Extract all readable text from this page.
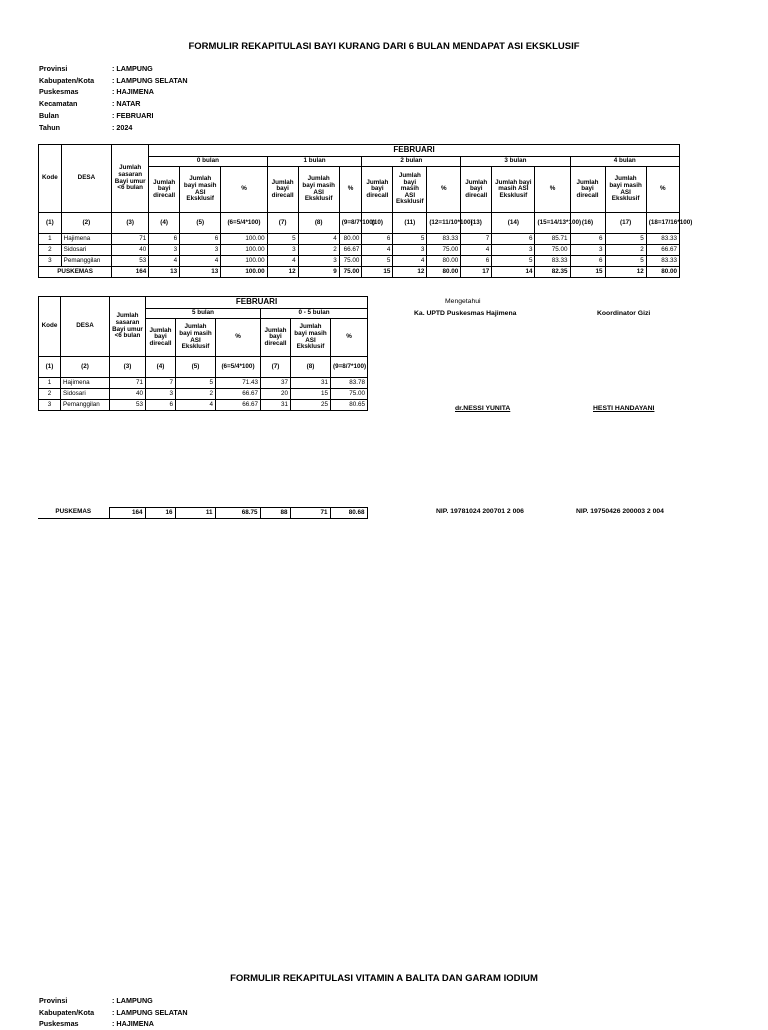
FORMULIR REKAPITULASI BAYI KURANG DARI 6 BULAN MENDAPAT ASI EKSKLUSIF
Provinsi	: LAMPUNG
Kabupaten/Kota	: LAMPUNG SELATAN
Puskesmas	: HAJIMENA
Kecamatan	: NATAR
Bulan	: FEBRUARI
Tahun	: 2024
Kode	DESA	Jumlah sasaran Bayi umur <6 bulan	FEBRUARI														
			0 bulan			1 bulan			2 bulan			3 bulan			4 bulan		
			Jumlah bayi direcall	Jumlah bayi masih ASI Eksklusif	%	Jumlah bayi direcall	Jumlah bayi masih ASI Eksklusif	%	Jumlah bayi direcall	Jumlah bayi masih ASI Eksklusif	%	Jumlah bayi direcall	Jumlah bayi masih ASI Eksklusif	%	Jumlah bayi direcall	Jumlah bayi masih ASI Eksklusif	%
(1)	(2)	(3)	(4)	(5)	(6=5/4*100)	(7)	(8)	(9=8/7*100)	(10)	(11)	(12=11/10*100)	(13)	(14)	(15=14/13*100)	(16)	(17)	(18=17/16*100)
1	Hajimena	71	6	6	100.00	5	4	80.00	6	5	83.33	7	6	85.71	6	5	83.33
2	Sidosari	40	3	3	100.00	3	2	66.67	4	3	75.00	4	3	75.00	3	2	66.67
3	Pemanggilan	53	4	4	100.00	4	3	75.00	5	4	80.00	6	5	83.33	6	5	83.33
PUSKEMAS		164	13	13	100.00	12	9	75.00	15	12	80.00	17	14	82.35	15	12	80.00
Kode	DESA	Jumlah sasaran Bayi umur <6 bulan	FEBRUARI					
			5 bulan			0 - 5 bulan		
			Jumlah bayi direcall	Jumlah bayi masih ASI Eksklusif	%	Jumlah bayi direcall	Jumlah bayi masih ASI Eksklusif	%
(1)	(2)	(3)	(4)	(5)	(6=5/4*100)	(7)	(8)	(9=8/7*100)
1	Hajimena	71	7	5	71.43	37	31	83.78
2	Sidosari	40	3	2	66.67	20	15	75.00
3	Pemanggilan	53	6	4	66.67	31	25	80.65
PUSKEMAS	164	16	11	68.75	88	71	80.68
Mengetahui
Ka. UPTD Puskesmas Hajimena	Koordinator Gizi
dr.NESSI YUNITA	HESTI HANDAYANI
NIP. 19781024 200701 2 006	NIP. 19750426 200003 2 004
FORMULIR REKAPITULASI VITAMIN A BALITA DAN GARAM IODIUM
Provinsi	: LAMPUNG
Kabupaten/Kota	: LAMPUNG SELATAN
Puskesmas	: HAJIMENA
